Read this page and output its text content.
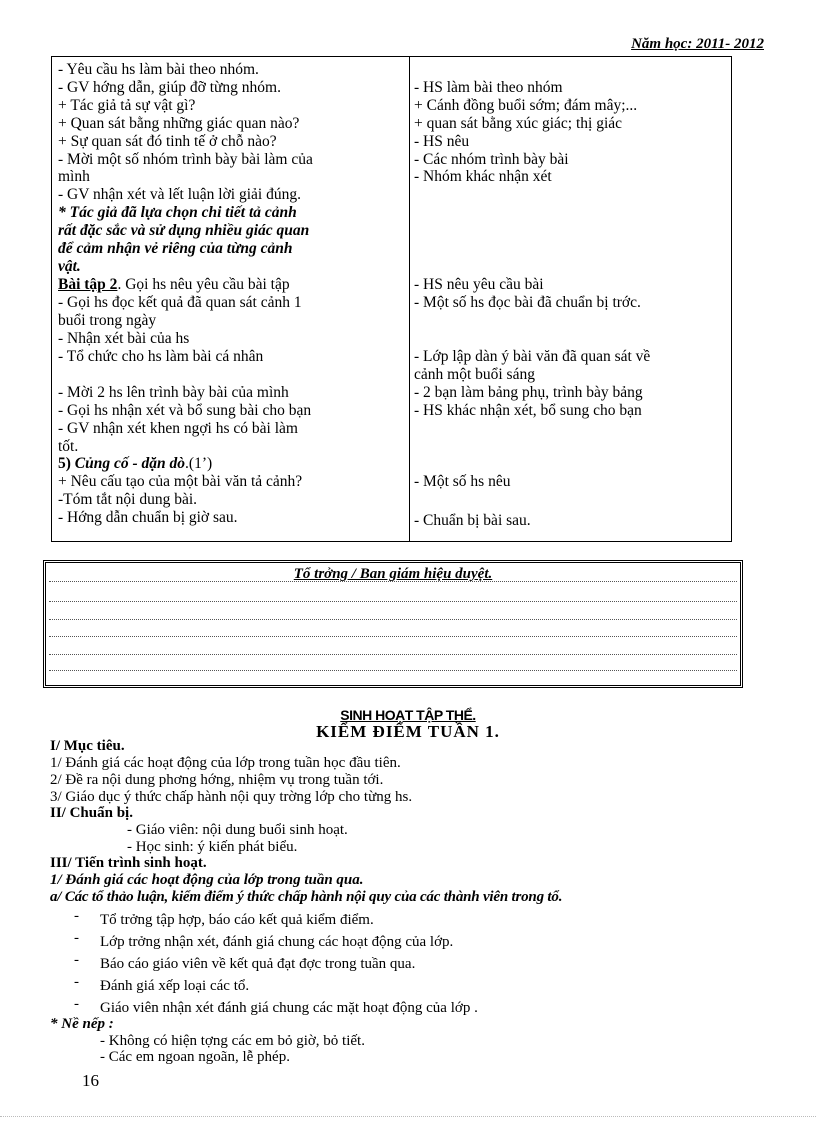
Năm học: 2011- 2012
- Yêu cầu hs làm bài theo nhóm.
- GV hớng dẫn, giúp đỡ từng nhóm.
+ Tác giả tả sự vật gì?
+ Quan sát bằng những giác quan nào?
+ Sự quan sát đó tinh tế ở chỗ nào?
- Mời một số nhóm trình bày bài làm của
mình
- GV nhận xét và lết luận lời giải đúng.
* Tác giả đã lựa chọn chi tiết tả cảnh
rất đặc sắc và sử dụng nhiều giác quan
để cảm nhận vẻ riêng của từng cảnh
vật.
Bài tập 2. Gọi hs nêu yêu cầu bài tập
- Gọi hs đọc kết quả đã quan sát cảnh 1
buổi trong ngày
- Nhận xét bài của hs
- Tổ chức cho hs làm bài cá nhân
- Mời 2 hs lên trình bày bài của mình
- Gọi hs nhận xét và bổ sung bài cho bạn
- GV nhận xét khen ngợi hs có bài làm
tốt.
5) Củng cố - dặn dò.(1’)
+ Nêu cấu tạo của một bài văn tả cảnh?
-Tóm tắt nội dung bài.
- Hớng dẫn chuẩn bị giờ sau.
- HS làm bài theo nhóm
+ Cánh đồng buổi sớm; đám mây;...
+ quan sát bằng xúc giác; thị giác
- HS nêu
- Các nhóm trình bày bài
- Nhóm khác nhận xét
- HS nêu yêu cầu bài
- Một số hs đọc bài đã chuẩn bị trớc.
- Lớp lập dàn ý bài văn đã quan sát về
cảnh một buổi sáng
- 2 bạn làm bảng phụ, trình bày bảng
- HS khác nhận xét, bổ sung cho bạn
- Một số hs nêu
- Chuẩn bị bài sau.
Tổ trởng / Ban giám hiệu duyệt.
SINH HOẠT TẬP THỂ.
KIỂM ĐIỂM TUẦN 1.
I/ Mục tiêu.
1/ Đánh giá các hoạt động của lớp trong tuần học đầu tiên.
2/ Đề ra nội dung phơng hớng, nhiệm vụ trong tuần tới.
3/ Giáo dục ý thức chấp hành nội quy trờng lớp cho từng hs.
II/ Chuẩn bị.
- Giáo viên: nội dung buổi sinh hoạt.
- Học sinh: ý kiến phát biểu.
III/ Tiến trình sinh hoạt.
1/ Đánh giá các hoạt động của lớp trong tuần qua.
a/ Các tổ thảo luận, kiểm điểm ý thức chấp hành nội quy của các thành viên trong tổ.
- Tổ trởng tập hợp, báo cáo kết quả kiểm điểm.
- Lớp trởng nhận xét, đánh giá chung các hoạt động của lớp.
- Báo cáo giáo viên về kết quả đạt đợc trong tuần qua.
- Đánh giá xếp loại các tổ.
- Giáo viên nhận xét đánh giá chung các mặt hoạt động của lớp .
* Nề nếp :
- Không có hiện tợng các em bỏ giờ, bỏ tiết.
- Các em ngoan ngoãn, lễ phép.
16
